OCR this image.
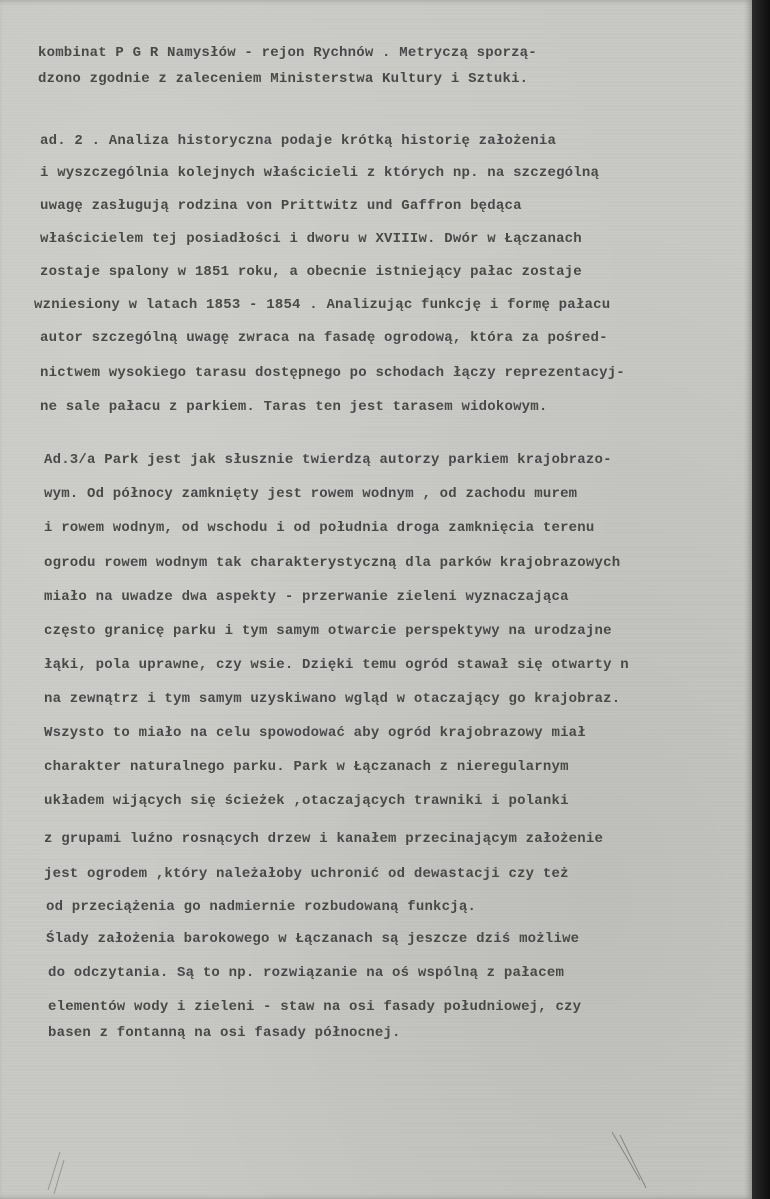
kombinat P G R Namysłów - rejon Rychnów . Metryczą sporzą-
dzono zgodnie z zaleceniem Ministerstwa Kultury i Sztuki.
ad. 2 . Analiza historyczna podaje krótką historię założenia
i wyszczególnia kolejnych właścicieli z których np. na szczególną
uwagę zasługują rodzina von Prittwitz und Gaffron będąca
właścicielem tej posiadłości i dworu w XVIIIw. Dwór w Łączanach
zostaje spalony w 1851 roku, a obecnie istniejący pałac zostaje
wzniesiony w latach 1853 - 1854 . Analizując funkcję i formę pałacu
autor szczególną uwagę zwraca na fasadę ogrodową, która za pośred-
nictwem wysokiego tarasu dostępnego po schodach łączy reprezentacyj-
ne sale pałacu z parkiem. Taras ten jest tarasem widokowym.
Ad.3/a Park jest jak słusznie twierdzą autorzy parkiem krajobrazo-
wym. Od północy zamknięty jest rowem wodnym , od zachodu murem
i rowem wodnym, od wschodu i od południa droga zamknięcia terenu
ogrodu rowem wodnym tak charakterystyczną dla parków krajobrazowych
miało na uwadze dwa aspekty - przerwanie zieleni wyznaczająca
często granicę parku i tym samym otwarcie perspektywy na urodzajne
łąki, pola uprawne, czy wsie. Dzięki temu ogród stawał się otwarty n
na zewnątrz i tym samym uzyskiwano wgląd w otaczający go krajobraz.
Wszysto to miało na celu spowodować aby ogród krajobrazowy miał
charakter naturalnego parku. Park w Łączanach z nieregularnym
układem wijących się ścieżek ,otaczających trawniki i polanki
z grupami luźno rosnących drzew i kanałem przecinającym założenie
jest ogrodem ,który należałoby uchronić od dewastacji czy też
od przeciążenia go nadmiernie rozbudowaną funkcją.
Ślady założenia barokowego w Łączanach są jeszcze dziś możliwe
do odczytania. Są to np. rozwiązanie na oś wspólną z pałacem
elementów wody i zieleni - staw na osi fasady południowej, czy
basen z fontanną na osi fasady północnej.
